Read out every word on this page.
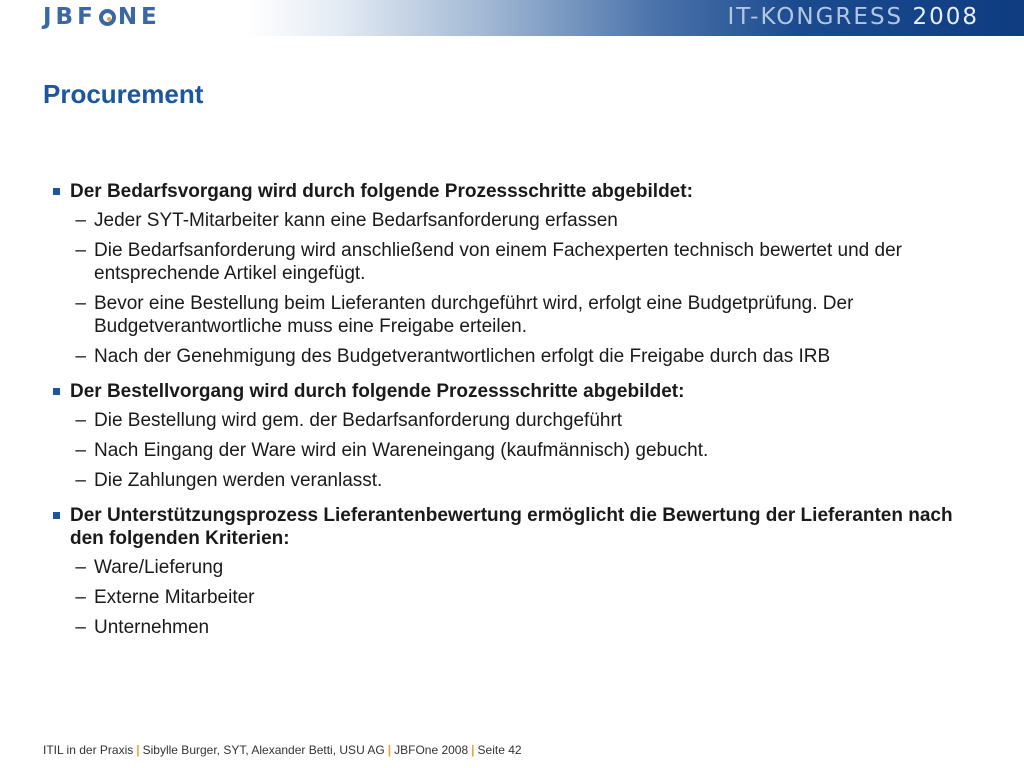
JBF NE	IT-KONGRESS 2008
Procurement
Der Bedarfsvorgang wird durch folgende Prozessschritte abgebildet:
– Jeder SYT-Mitarbeiter kann eine Bedarfsanforderung erfassen
– Die Bedarfsanforderung wird anschließend von einem Fachexperten technisch bewertet und der entsprechende Artikel eingefügt.
– Bevor eine Bestellung beim Lieferanten durchgeführt wird, erfolgt eine Budgetprüfung. Der Budgetverantwortliche muss eine Freigabe erteilen.
– Nach der Genehmigung des Budgetverantwortlichen erfolgt die Freigabe durch das IRB
Der Bestellvorgang wird durch folgende Prozessschritte abgebildet:
– Die Bestellung wird gem. der Bedarfsanforderung durchgeführt
– Nach Eingang der Ware wird ein Wareneingang (kaufmännisch) gebucht.
– Die Zahlungen werden veranlasst.
Der Unterstützungsprozess Lieferantenbewertung ermöglicht die Bewertung der Lieferanten nach den folgenden Kriterien:
– Ware/Lieferung
– Externe Mitarbeiter
– Unternehmen
ITIL in der Praxis | Sibylle Burger, SYT, Alexander Betti, USU AG | JBFOne 2008 | Seite 42
